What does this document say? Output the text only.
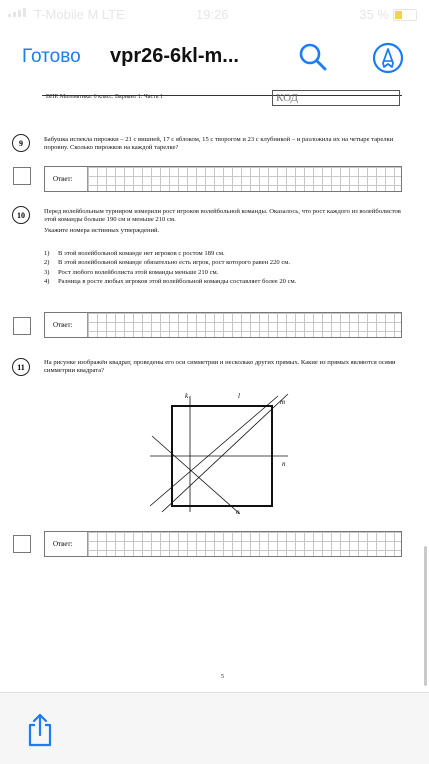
T-Mobile M LTE	19:26	35 %
Готово vpr26-6kl-m...
ВПР. Математика. 6 класс. Вариант 1. Часть 1	КОД
9	Бабушка испекла пирожки – 21 с вишней, 17 с яблоком, 15 с творогом и 23 с клубникой – и разложила их на четыре тарелки поровну. Сколько пирожков на каждой тарелке?

Ответ:
10	Перед волейбольным турниром измерили рост игроков волейбольной команды. Оказалось, что рост каждого из волейболистов этой команды больше 190 см и меньше 210 см.

Укажите номера истинных утверждений.

1)	В этой волейбольной команде нет игроков с ростом 189 см.
2)	В этой волейбольной команде обязательно есть игрок, рост которого равен 220 см.
3)	Рост любого волейболиста этой команды меньше 210 см.
4)	Разница в росте любых игроков этой волейбольной команды составляет более 20 см.
Ответ:
11

На рисунке изображён квадрат, проведены его оси симметрии и несколько других прямых. Какие из прямых являются осями симметрии квадрата?

k	l
m
n
o
Ответ:
5
